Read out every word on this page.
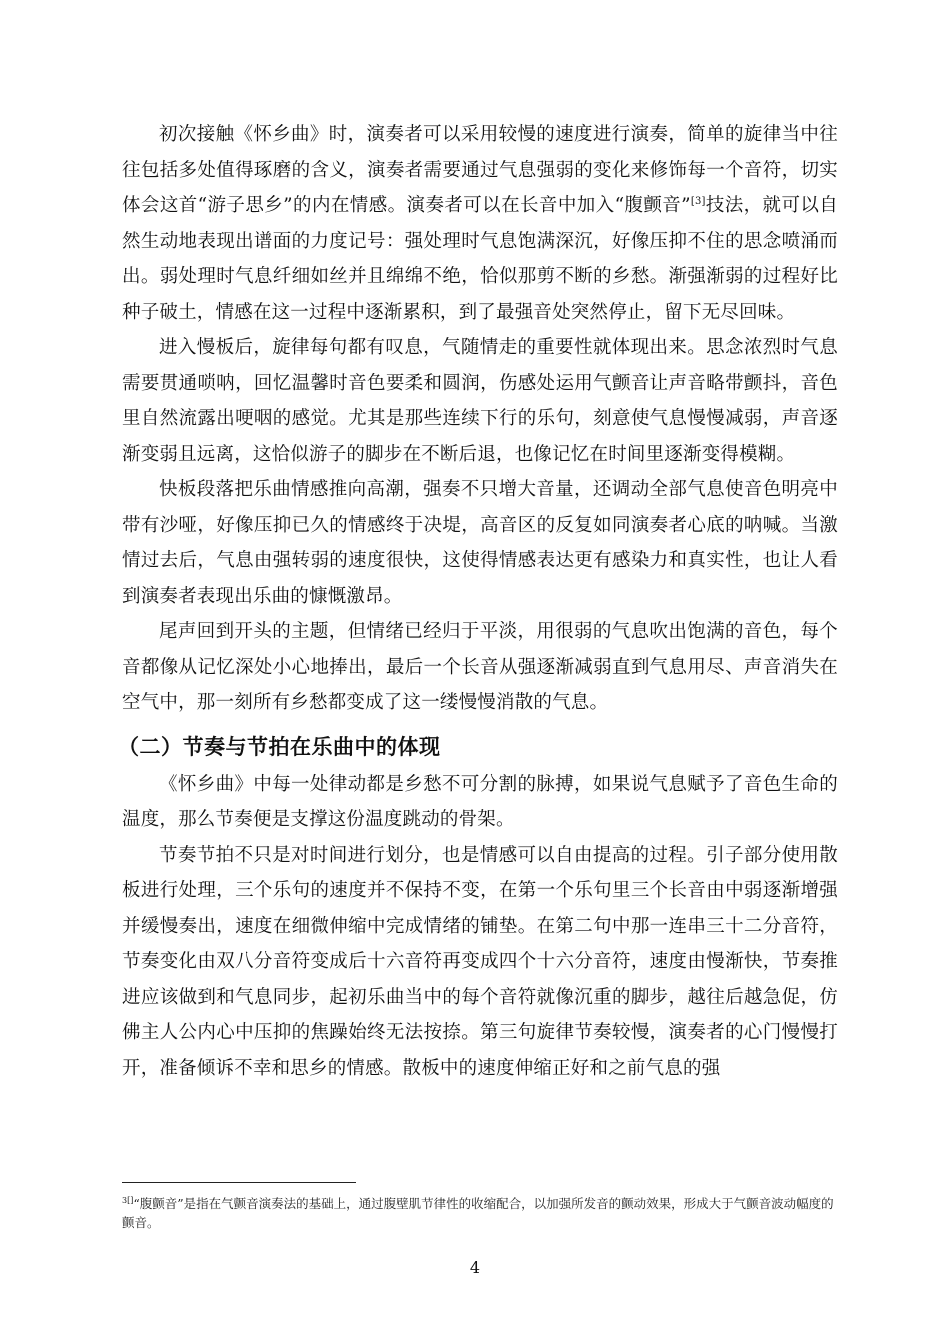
初次接触《怀乡曲》时，演奏者可以采用较慢的速度进行演奏，简单的旋律当中往往包括多处值得琢磨的含义，演奏者需要通过气息强弱的变化来修饰每一个音符，切实体会这首“游子思乡”的内在情感。演奏者可以在长音中加入“腹颤音”[3]技法，就可以自然生动地表现出谱面的力度记号：强处理时气息饱满深沉，好像压抑不住的思念喷涌而出。弱处理时气息纤细如丝并且绵绵不绝，恰似那剪不断的乡愁。渐强渐弱的过程好比种子破土，情感在这一过程中逐渐累积，到了最强音处突然停止，留下无尽回味。

进入慢板后，旋律每句都有叹息，气随情走的重要性就体现出来。思念浓烈时气息需要贯通唢呐，回忆温馨时音色要柔和圆润，伤感处运用气颤音让声音略带颤抖，音色里自然流露出哽咽的感觉。尤其是那些连续下行的乐句，刻意使气息慢慢减弱，声音逐渐变弱且远离，这恰似游子的脚步在不断后退，也像记忆在时间里逐渐变得模糊。

快板段落把乐曲情感推向高潮，强奏不只增大音量，还调动全部气息使音色明亮中带有沙哑，好像压抑已久的情感终于决堤，高音区的反复如同演奏者心底的呐喊。当激情过去后，气息由强转弱的速度很快，这使得情感表达更有感染力和真实性，也让人看到演奏者表现出乐曲的慷慨激昂。

尾声回到开头的主题，但情绪已经归于平淡，用很弱的气息吹出饱满的音色，每个音都像从记忆深处小心地捧出，最后一个长音从强逐渐减弱直到气息用尽、声音消失在空气中，那一刻所有乡愁都变成了这一缕慢慢消散的气息。

（二）节奏与节拍在乐曲中的体现

《怀乡曲》中每一处律动都是乡愁不可分割的脉搏，如果说气息赋予了音色生命的温度，那么节奏便是支撑这份温度跳动的骨架。

节奏节拍不只是对时间进行划分，也是情感可以自由提高的过程。引子部分使用散板进行处理，三个乐句的速度并不保持不变，在第一个乐句里三个长音由中弱逐渐增强并缓慢奏出，速度在细微伸缩中完成情绪的铺垫。在第二句中那一连串三十二分音符，节奏变化由双八分音符变成后十六音符再变成四个十六分音符，速度由慢渐快，节奏推进应该做到和气息同步，起初乐曲当中的每个音符就像沉重的脚步，越往后越急促，仿佛主人公内心中压抑的焦躁始终无法按捺。第三句旋律节奏较慢，演奏者的心门慢慢打开，准备倾诉不幸和思乡的情感。散板中的速度伸缩正好和之前气息的强

$^{3[]}$“腹颤音”是指在气颤音演奏法的基础上，通过腹壁肌节律性的收缩配合，以加强所发音的颤动效果，形成大于气颤音波动幅度的颤音。
4
